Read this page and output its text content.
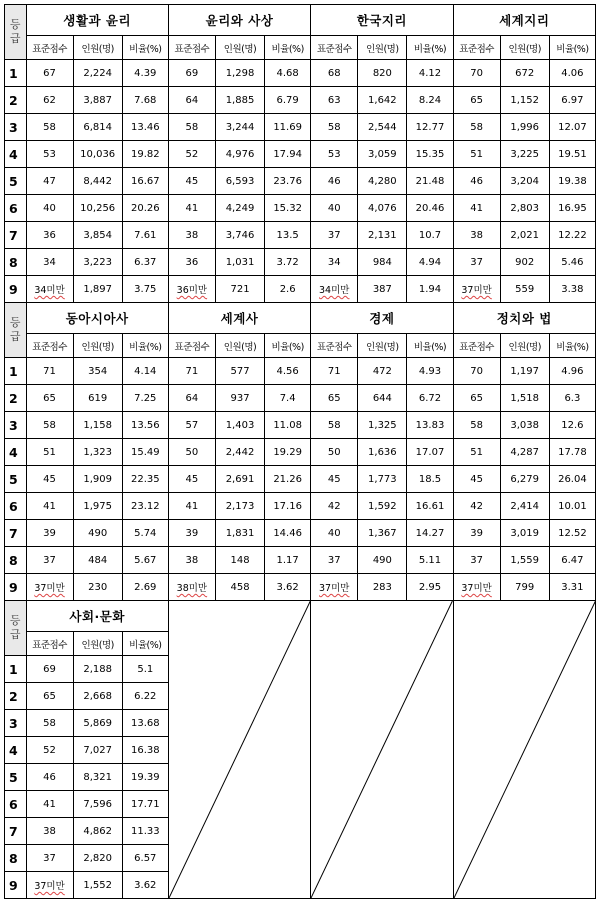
등
급	생활과 윤리			윤리와 사상			한국지리			세계지리		
	표준점수	인원(명)	비율(%)	표준점수	인원(명)	비율(%)	표준점수	인원(명)	비율(%)	표준점수	인원(명)	비율(%)
1	67	2,224	4.39	69	1,298	4.68	68	820	4.12	70	672	4.06
2	62	3,887	7.68	64	1,885	6.79	63	1,642	8.24	65	1,152	6.97
3	58	6,814	13.46	58	3,244	11.69	58	2,544	12.77	58	1,996	12.07
4	53	10,036	19.82	52	4,976	17.94	53	3,059	15.35	51	3,225	19.51
5	47	8,442	16.67	45	6,593	23.76	46	4,280	21.48	46	3,204	19.38
6	40	10,256	20.26	41	4,249	15.32	40	4,076	20.46	41	2,803	16.95
7	36	3,854	7.61	38	3,746	13.5	37	2,131	10.7	38	2,021	12.22
8	34	3,223	6.37	36	1,031	3.72	34	984	4.94	37	902	5.46
9	34미만	1,897	3.75	36미만	721	2.6	34미만	387	1.94	37미만	559	3.38

등
급	동아시아사			세계사			경제			정치와 법		
	표준점수	인원(명)	비율(%)	표준점수	인원(명)	비율(%)	표준점수	인원(명)	비율(%)	표준점수	인원(명)	비율(%)
1	71	354	4.14	71	577	4.56	71	472	4.93	70	1,197	4.96
2	65	619	7.25	64	937	7.4	65	644	6.72	65	1,518	6.3
3	58	1,158	13.56	57	1,403	11.08	58	1,325	13.83	58	3,038	12.6
4	51	1,323	15.49	50	2,442	19.29	50	1,636	17.07	51	4,287	17.78
5	45	1,909	22.35	45	2,691	21.26	45	1,773	18.5	45	6,279	26.04
6	41	1,975	23.12	41	2,173	17.16	42	1,592	16.61	42	2,414	10.01
7	39	490	5.74	39	1,831	14.46	40	1,367	14.27	39	3,019	12.52
8	37	484	5.67	38	148	1.17	37	490	5.11	37	1,559	6.47
9	37미만	230	2.69	38미만	458	3.62	37미만	283	2.95	37미만	799	3.31

등
급	사회·문화	

	표준점수	인원(명)	비율(%)									
1	69	2,188	5.1									
2	65	2,668	6.22									
3	58	5,869	13.68									
4	52	7,027	16.38									
5	46	8,321	19.39									
6	41	7,596	17.71									
7	38	4,862	11.33									
8	37	2,820	6.57									
9	37미만	1,552	3.62									
